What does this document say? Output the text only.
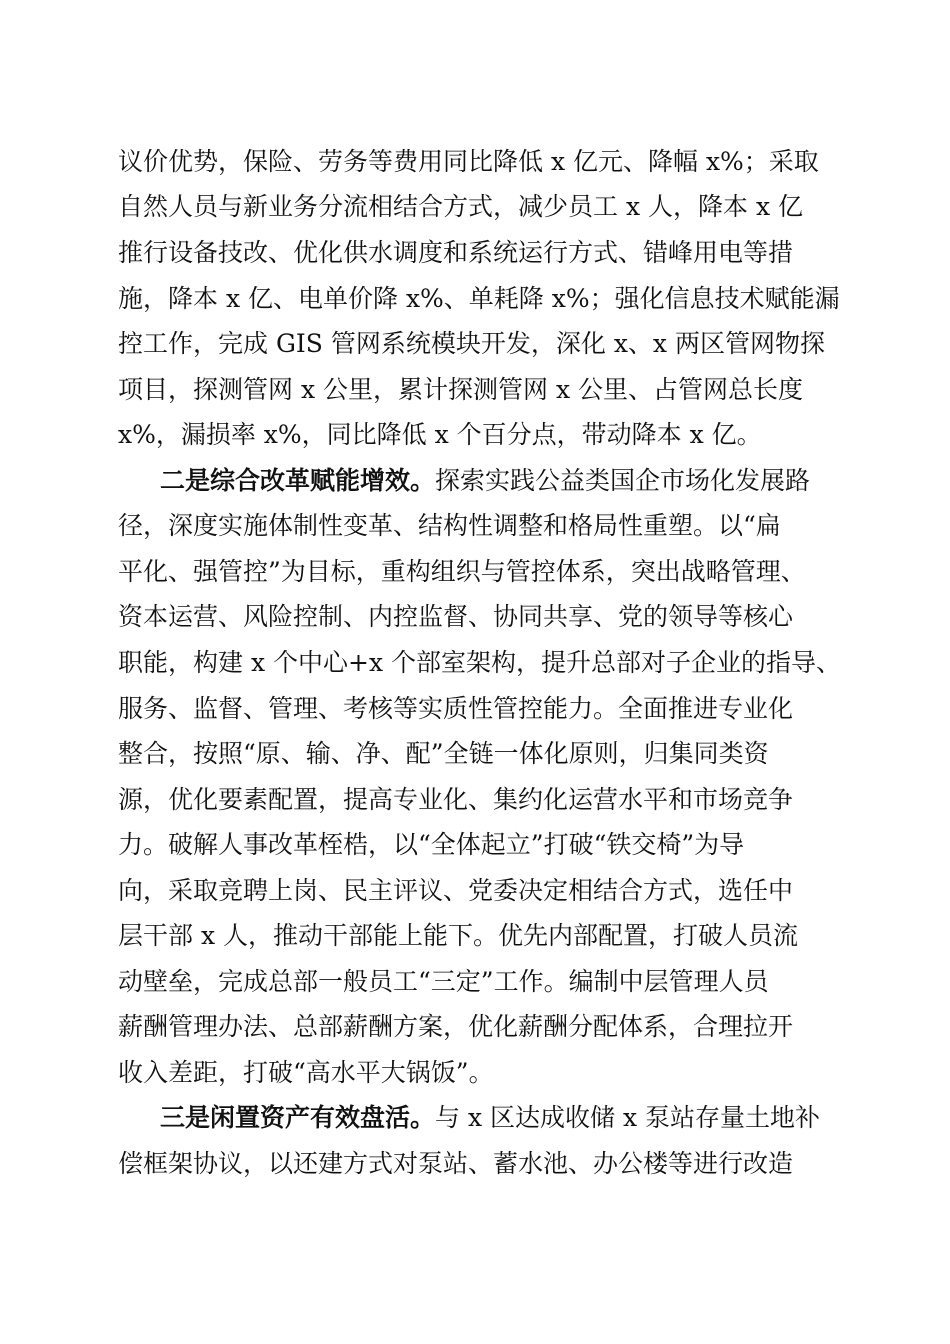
议价优势，保险、劳务等费用同比降低 x 亿元、降幅 x%；采取
自然人员与新业务分流相结合方式，减少员工 x 人，降本 x 亿
推行设备技改、优化供水调度和系统运行方式、错峰用电等措
施，降本 x 亿、电单价降 x%、单耗降 x%；强化信息技术赋能漏
控工作，完成 GIS 管网系统模块开发，深化 x、x 两区管网物探
项目，探测管网 x 公里，累计探测管网 x 公里、占管网总长度
x%，漏损率 x%，同比降低 x 个百分点，带动降本 x 亿。
二是综合改革赋能增效。探索实践公益类国企市场化发展路
径，深度实施体制性变革、结构性调整和格局性重塑。以“扁
平化、强管控”为目标，重构组织与管控体系，突出战略管理、
资本运营、风险控制、内控监督、协同共享、党的领导等核心
职能，构建 x 个中心+x 个部室架构，提升总部对子企业的指导、
服务、监督、管理、考核等实质性管控能力。全面推进专业化
整合，按照“原、输、净、配”全链一体化原则，归集同类资
源，优化要素配置，提高专业化、集约化运营水平和市场竞争
力。破解人事改革桎梏，以“全体起立”打破“铁交椅”为导
向，采取竞聘上岗、民主评议、党委决定相结合方式，选任中
层干部 x 人，推动干部能上能下。优先内部配置，打破人员流
动壁垒，完成总部一般员工“三定”工作。编制中层管理人员
薪酬管理办法、总部薪酬方案，优化薪酬分配体系，合理拉开
收入差距，打破“高水平大锅饭”。
三是闲置资产有效盘活。与 x 区达成收储 x 泵站存量土地补
偿框架协议，以还建方式对泵站、蓄水池、办公楼等进行改造
